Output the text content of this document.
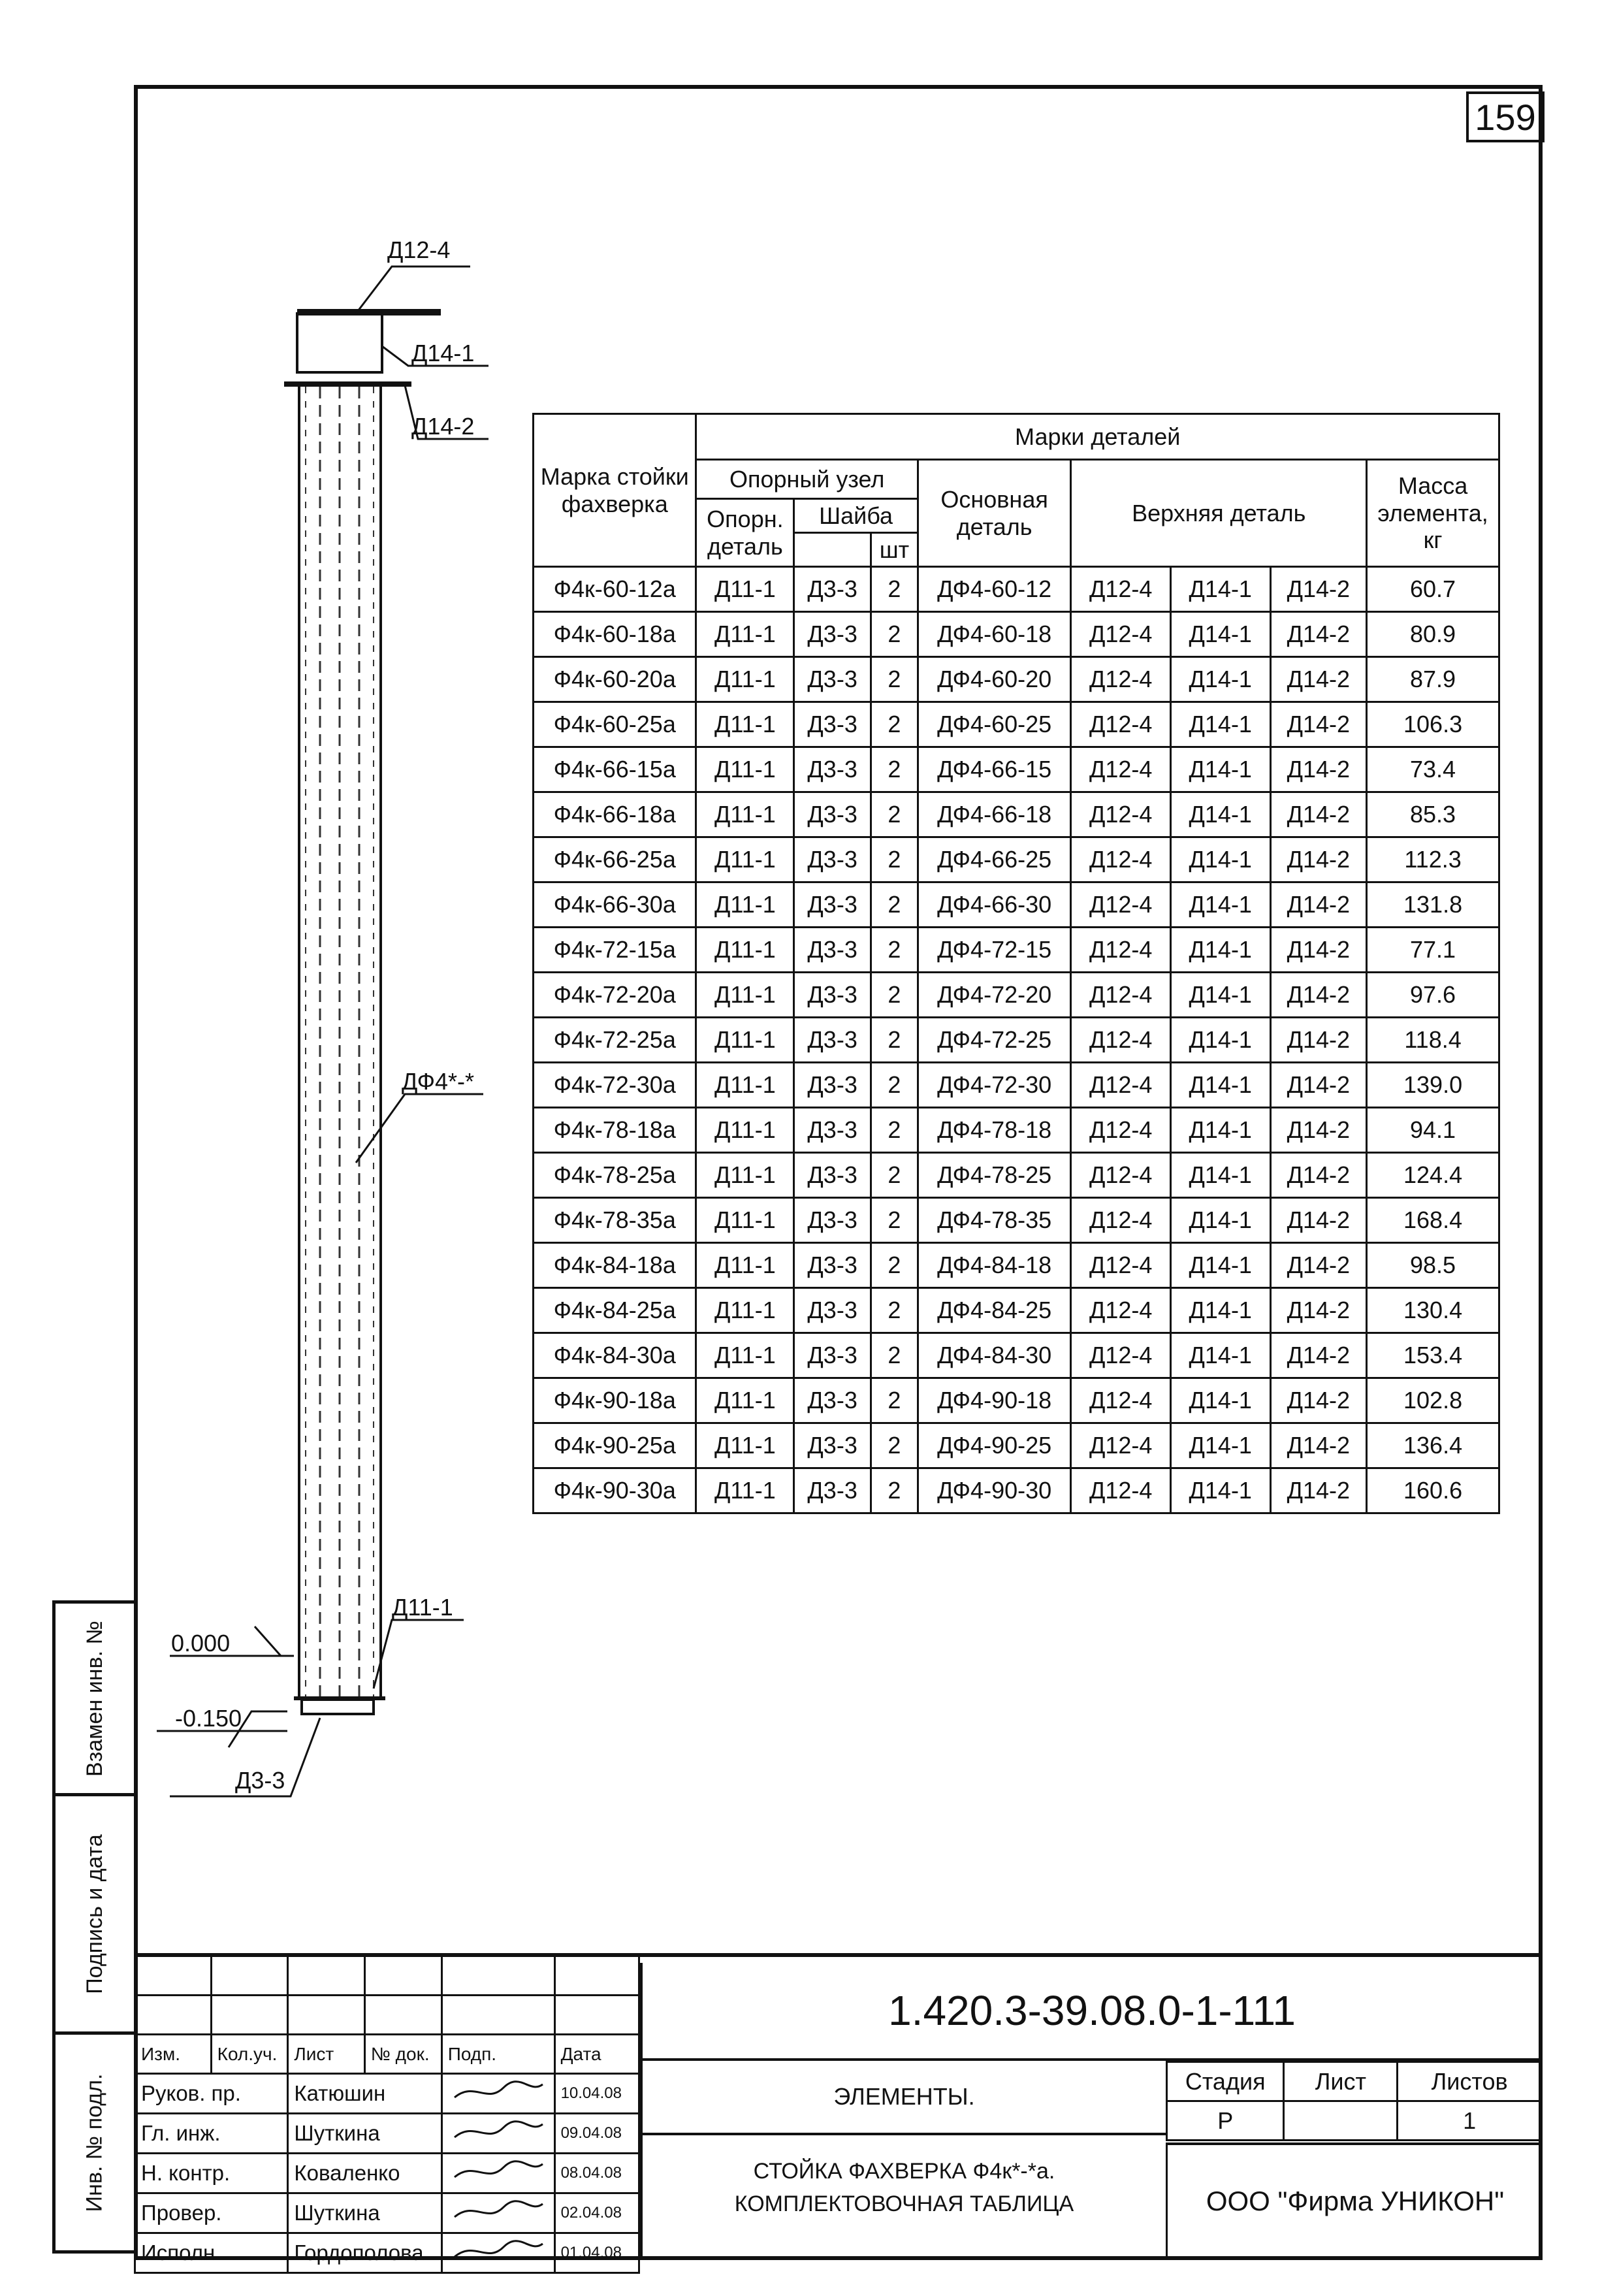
159
Взамен инв. №
Подпись и дата
Инв. № подл.
Д12-4
Д14-1
Д14-2
ДФ4*-*
Д11-1
Д3-3
0.000
-0.150
Марка стойки фахверка	Марки деталей							
	Опорный узел			Основная деталь	Верхняя деталь			Масса элемента, кг
	Опорн. деталь	Шайба						
			шт					
Ф4к-60-12а	Д11-1	Д3-3	2	ДФ4-60-12	Д12-4	Д14-1	Д14-2	60.7
Ф4к-60-18а	Д11-1	Д3-3	2	ДФ4-60-18	Д12-4	Д14-1	Д14-2	80.9
Ф4к-60-20а	Д11-1	Д3-3	2	ДФ4-60-20	Д12-4	Д14-1	Д14-2	87.9
Ф4к-60-25а	Д11-1	Д3-3	2	ДФ4-60-25	Д12-4	Д14-1	Д14-2	106.3
Ф4к-66-15а	Д11-1	Д3-3	2	ДФ4-66-15	Д12-4	Д14-1	Д14-2	73.4
Ф4к-66-18а	Д11-1	Д3-3	2	ДФ4-66-18	Д12-4	Д14-1	Д14-2	85.3
Ф4к-66-25а	Д11-1	Д3-3	2	ДФ4-66-25	Д12-4	Д14-1	Д14-2	112.3
Ф4к-66-30а	Д11-1	Д3-3	2	ДФ4-66-30	Д12-4	Д14-1	Д14-2	131.8
Ф4к-72-15а	Д11-1	Д3-3	2	ДФ4-72-15	Д12-4	Д14-1	Д14-2	77.1
Ф4к-72-20а	Д11-1	Д3-3	2	ДФ4-72-20	Д12-4	Д14-1	Д14-2	97.6
Ф4к-72-25а	Д11-1	Д3-3	2	ДФ4-72-25	Д12-4	Д14-1	Д14-2	118.4
Ф4к-72-30а	Д11-1	Д3-3	2	ДФ4-72-30	Д12-4	Д14-1	Д14-2	139.0
Ф4к-78-18а	Д11-1	Д3-3	2	ДФ4-78-18	Д12-4	Д14-1	Д14-2	94.1
Ф4к-78-25а	Д11-1	Д3-3	2	ДФ4-78-25	Д12-4	Д14-1	Д14-2	124.4
Ф4к-78-35а	Д11-1	Д3-3	2	ДФ4-78-35	Д12-4	Д14-1	Д14-2	168.4
Ф4к-84-18а	Д11-1	Д3-3	2	ДФ4-84-18	Д12-4	Д14-1	Д14-2	98.5
Ф4к-84-25а	Д11-1	Д3-3	2	ДФ4-84-25	Д12-4	Д14-1	Д14-2	130.4
Ф4к-84-30а	Д11-1	Д3-3	2	ДФ4-84-30	Д12-4	Д14-1	Д14-2	153.4
Ф4к-90-18а	Д11-1	Д3-3	2	ДФ4-90-18	Д12-4	Д14-1	Д14-2	102.8
Ф4к-90-25а	Д11-1	Д3-3	2	ДФ4-90-25	Д12-4	Д14-1	Д14-2	136.4
Ф4к-90-30а	Д11-1	Д3-3	2	ДФ4-90-30	Д12-4	Д14-1	Д14-2	160.6

Изм.	Кол.уч.	Лист	№ док.	Подп.	Дата
Руков. пр.		Катюшин			10.04.08
Гл. инж.		Шуткина			09.04.08
Н. контр.		Коваленко			08.04.08
Провер.		Шуткина			02.04.08
Исполн.		Гордополова			01.04.08
1.420.3-39.08.0-1-111
ЭЛЕМЕНТЫ.
СТОЙКА ФАХВЕРКА Ф4к*-*а.
КОМПЛЕКТОВОЧНАЯ ТАБЛИЦА
Стадия	Лист	Листов
Р		1
ООО "Фирма УНИКОН"
